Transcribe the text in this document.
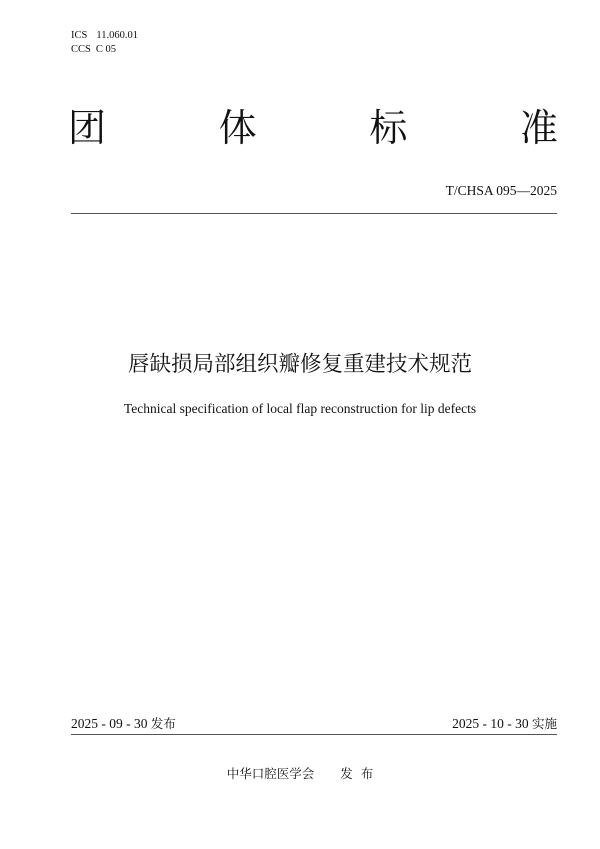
ICS 11.060.01
CCS C 05
团	体	标	准
T/CHSA 095—2025
唇缺损局部组织瓣修复重建技术规范
Technical specification of local flap reconstruction for lip defects
2025 - 09 - 30 发布	2025 - 10 - 30 实施
中华口腔医学会 发 布
